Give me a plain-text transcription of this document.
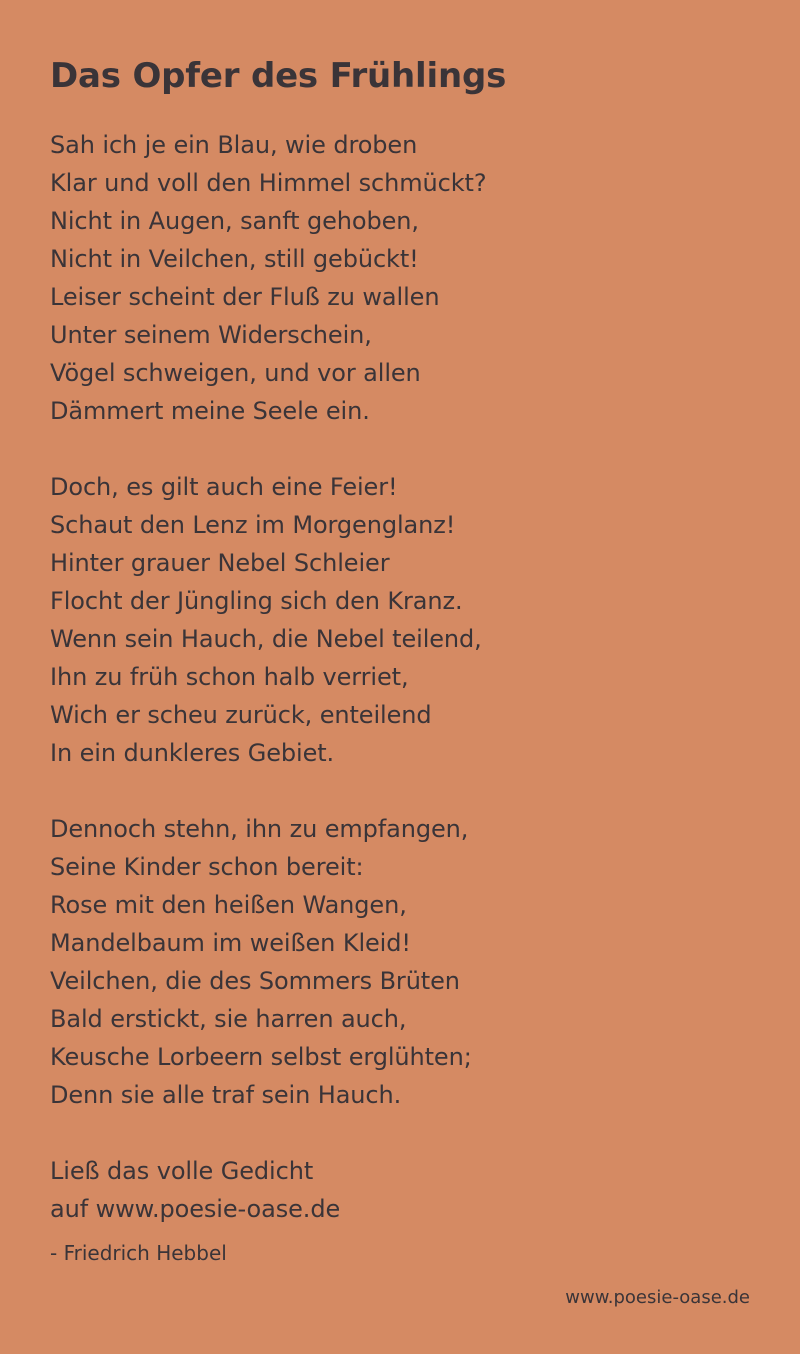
Das Opfer des Frühlings
Sah ich je ein Blau, wie droben
Klar und voll den Himmel schmückt?
Nicht in Augen, sanft gehoben,
Nicht in Veilchen, still gebückt!
Leiser scheint der Fluß zu wallen
Unter seinem Widerschein,
Vögel schweigen, und vor allen
Dämmert meine Seele ein.
Doch, es gilt auch eine Feier!
Schaut den Lenz im Morgenglanz!
Hinter grauer Nebel Schleier
Flocht der Jüngling sich den Kranz.
Wenn sein Hauch, die Nebel teilend,
Ihn zu früh schon halb verriet,
Wich er scheu zurück, enteilend
In ein dunkleres Gebiet.
Dennoch stehn, ihn zu empfangen,
Seine Kinder schon bereit:
Rose mit den heißen Wangen,
Mandelbaum im weißen Kleid!
Veilchen, die des Sommers Brüten
Bald erstickt, sie harren auch,
Keusche Lorbeern selbst erglühten;
Denn sie alle traf sein Hauch.
Ließ das volle Gedicht
auf www.poesie-oase.de
- Friedrich Hebbel
www.poesie-oase.de
